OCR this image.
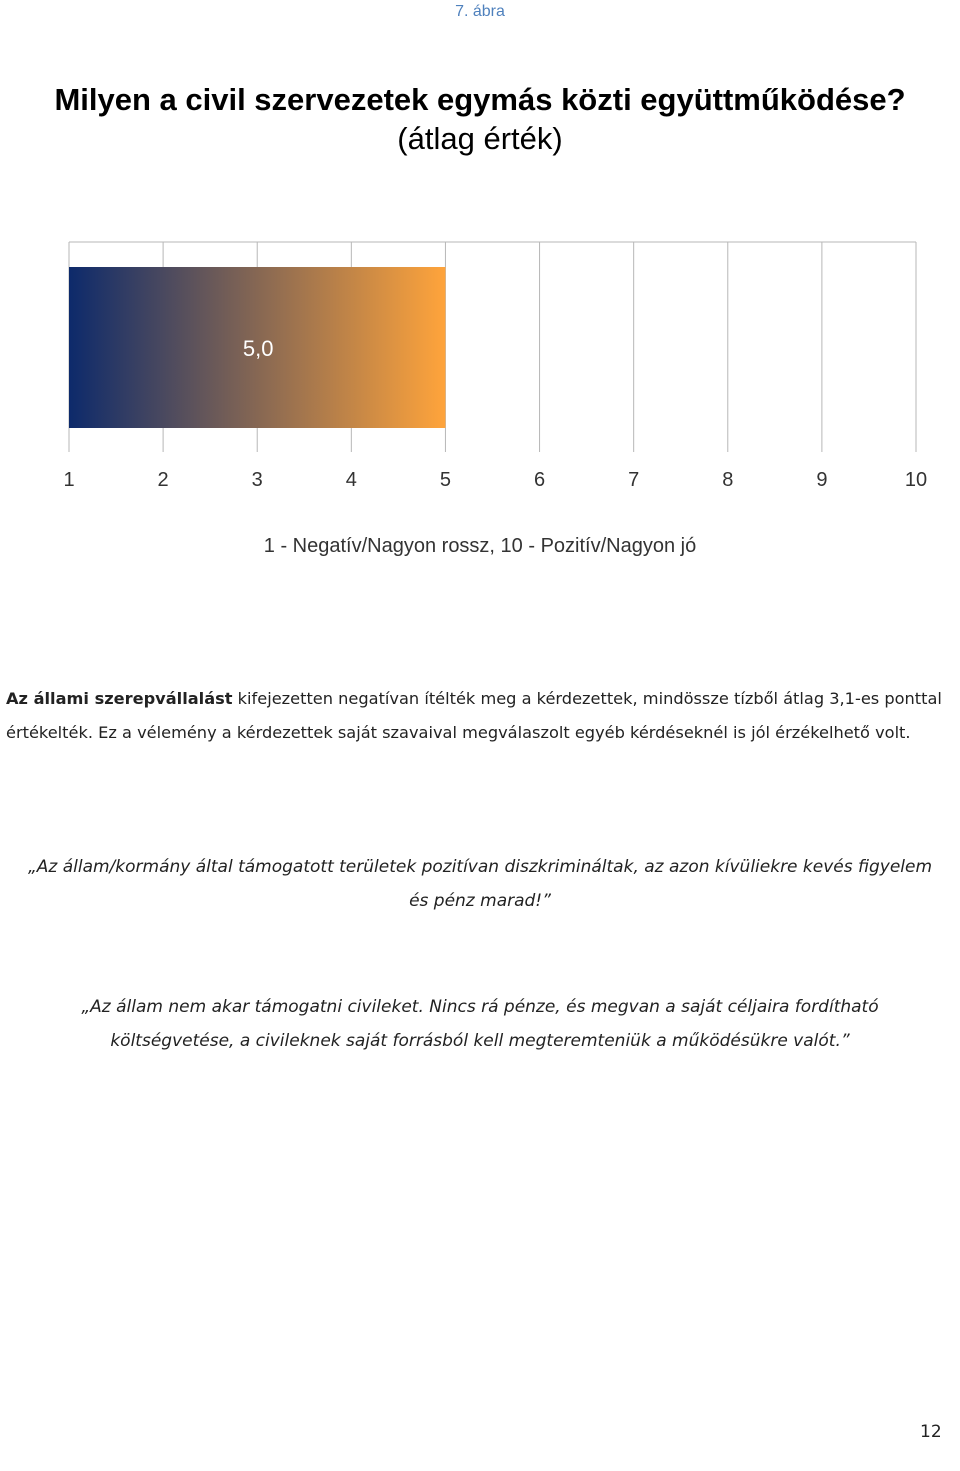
7. ábra
Milyen a civil szervezetek egymás közti együttműködése?
(átlag érték)
5,0
1	2	3	4	5	6	7	8	9	10
1 - Negatív/Nagyon rossz, 10 - Pozitív/Nagyon jó
Az állami szerepvállalást kifejezetten negatívan ítélték meg a kérdezettek, mindössze tízből átlag 3,1-es ponttal értékelték. Ez a vélemény a kérdezettek saját szavaival megválaszolt egyéb kérdéseknél is jól érzékelhető volt.
„Az állam/kormány által támogatott területek pozitívan diszkrimináltak, az azon kívüliekre kevés figyelem és pénz marad!”
„Az állam nem akar támogatni civileket. Nincs rá pénze, és megvan a saját céljaira fordítható költségvetése, a civileknek saját forrásból kell megteremteniük a működésükre valót.”
12
